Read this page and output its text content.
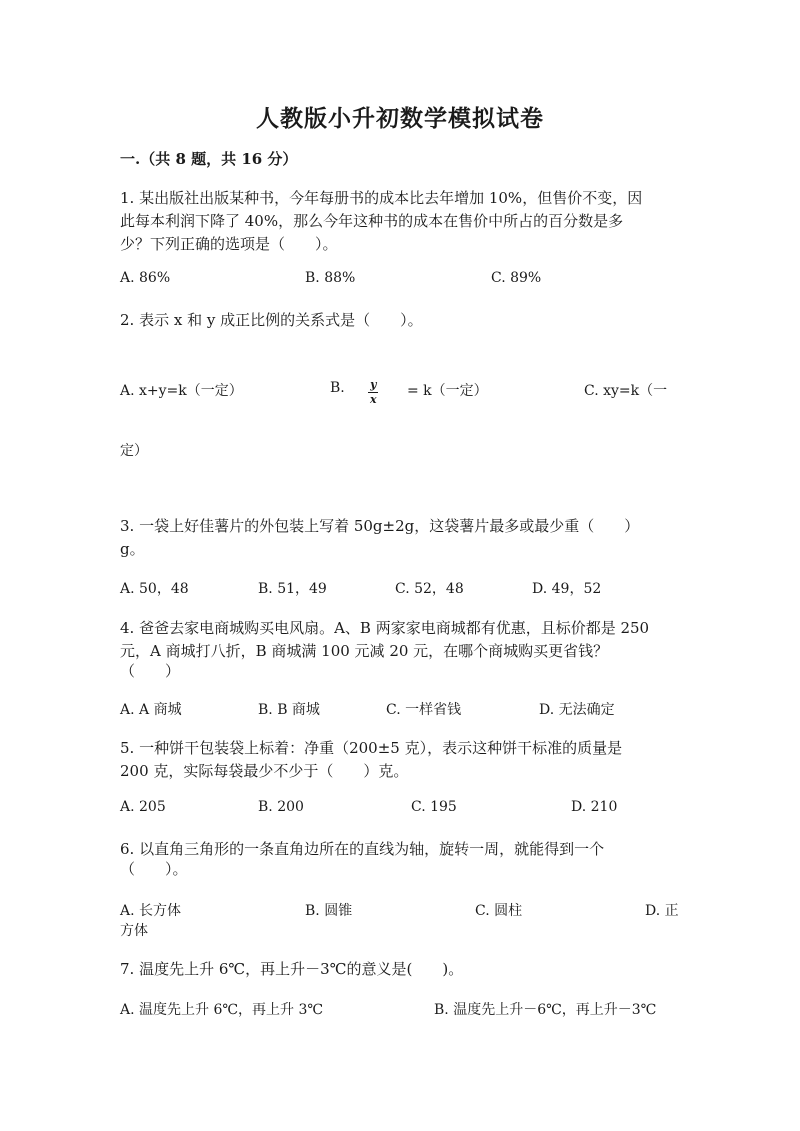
人教版小升初数学模拟试卷
一.（共 8 题，共 16 分）
1. 某出版社出版某种书，今年每册书的成本比去年增加 10%，但售价不变，因
此每本利润下降了 40%，那么今年这种书的成本在售价中所占的百分数是多
少？下列正确的选项是（　　）。
A. 86%	B. 88%	C. 89%
2. 表示 x 和 y 成正比例的关系式是（　　）。
A. x+y=k（一定）	B. $\frac{y}{x} = k$（一定）	C. xy=k（一
定）
3. 一袋上好佳薯片的外包装上写着 50g±2g，这袋薯片最多或最少重（　　）
g。
A. 50，48	B. 51，49	C. 52，48	D. 49，52
4. 爸爸去家电商城购买电风扇。A、B 两家家电商城都有优惠，且标价都是 250
元，A 商城打八折，B 商城满 100 元减 20 元，在哪个商城购买更省钱？
（　　）
A. A 商城	B. B 商城	C. 一样省钱	D. 无法确定
5. 一种饼干包装袋上标着：净重（200±5 克），表示这种饼干标准的质量是
200 克，实际每袋最少不少于（　　）克。
A. 205	B. 200	C. 195	D. 210
6. 以直角三角形的一条直角边所在的直线为轴，旋转一周，就能得到一个
（　　）。
A. 长方体	B. 圆锥	C. 圆柱	D. 正
方体
7. 温度先上升 6℃，再上升－3℃的意义是(　　)。
A. 温度先上升 6℃，再上升 3℃	B. 温度先上升－6℃，再上升－3℃
